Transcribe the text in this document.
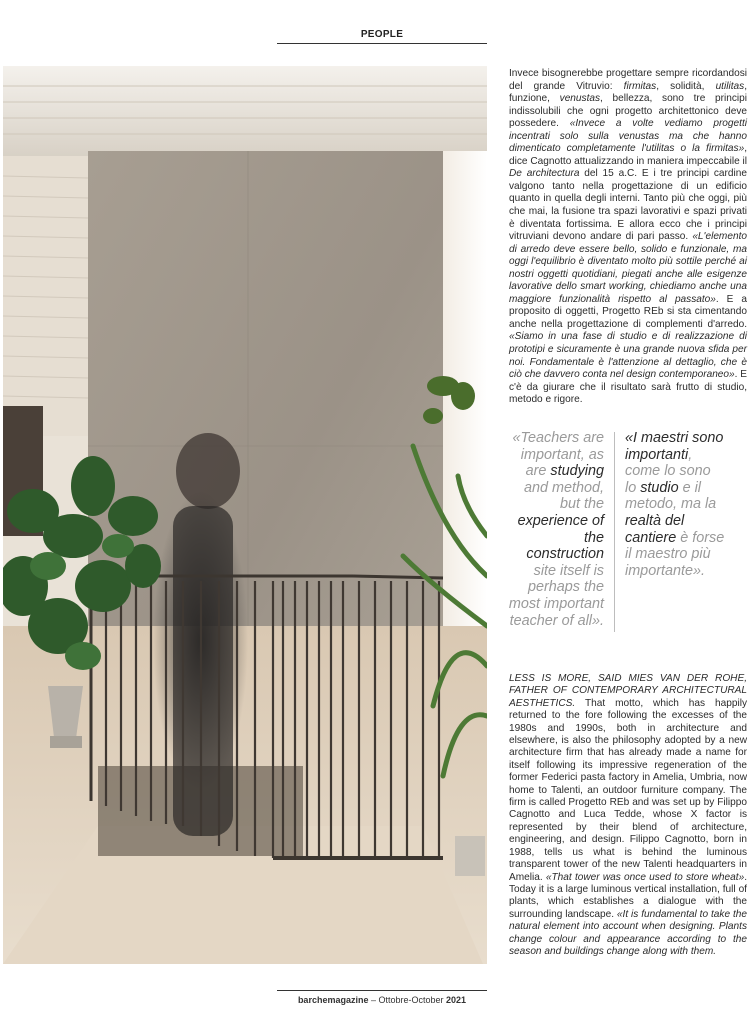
PEOPLE

Invece bisognerebbe progettare sempre ricordandosi del grande Vitruvio: firmitas, solidità, utilitas, funzione, venustas, bellezza, sono tre principi indissolubili che ogni progetto architettonico deve possedere. «Invece a volte vediamo progetti incentrati solo sulla venustas ma che hanno dimenticato completamente l'utilitas o la firmitas», dice Cagnotto attualizzando in maniera impeccabile il De architectura del 15 a.C. E i tre principi cardine valgono tanto nella progettazione di un edificio quanto in quella degli interni. Tanto più che oggi, più che mai, la fusione tra spazi lavorativi e spazi privati è diventata fortissima. E allora ecco che i principi vitruviani devono andare di pari passo. «L'elemento di arredo deve essere bello, solido e funzionale, ma oggi l'equilibrio è diventato molto più sottile perché ai nostri oggetti quotidiani, piegati anche alle esigenze lavorative dello smart working, chiediamo anche una maggiore funzionalità rispetto al passato». E a proposito di oggetti, Progetto REb si sta cimentando anche nella progettazione di complementi d'arredo. «Siamo in una fase di studio e di realizzazione di prototipi e sicuramente è una grande nuova sfida per noi. Fondamentale è l'attenzione al dettaglio, che è ciò che davvero conta nel design contemporaneo». E c'è da giurare che il risultato sarà frutto di studio, metodo e rigore.

«Teachers are important, as are studying and method, but the experience of the construction site itself is perhaps the most important teacher of all».

«I maestri sono importanti, come lo sono lo studio e il metodo, ma la realtà del cantiere è forse il maestro più importante».

LESS IS MORE, SAID MIES VAN DER ROHE, FATHER OF CONTEMPORARY ARCHITECTURAL AESTHETICS. That motto, which has happily returned to the fore following the excesses of the 1980s and 1990s, both in architecture and elsewhere, is also the philosophy adopted by a new architecture firm that has already made a name for itself following its impressive regeneration of the former Federici pasta factory in Amelia, Umbria, now home to Talenti, an outdoor furniture company. The firm is called Progetto REb and was set up by Filippo Cagnotto and Luca Tedde, whose X factor is represented by their blend of architecture, engineering, and design. Filippo Cagnotto, born in 1988, tells us what is behind the luminous transparent tower of the new Talenti headquarters in Amelia. «That tower was once used to store wheat». Today it is a large luminous vertical installation, full of plants, which establishes a dialogue with the surrounding landscape. «It is fundamental to take the natural element into account when designing. Plants change colour and appearance according to the season and buildings change along with them.

barchemagazine – Ottobre-October 2021
